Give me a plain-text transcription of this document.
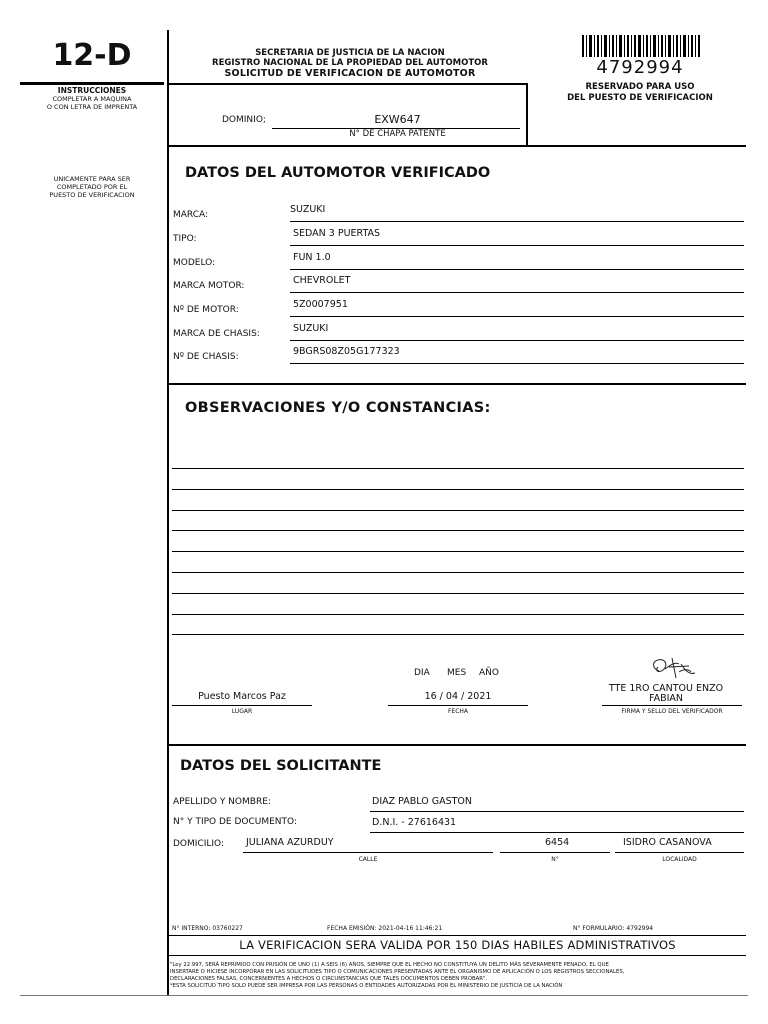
12-D
INSTRUCCIONES
COMPLETAR A MAQUINA
O CON LETRA DE IMPRENTA
UNICAMENTE PARA SER
COMPLETADO POR EL
PUESTO DE VERIFICACION
SECRETARIA DE JUSTICIA DE LA NACION
REGISTRO NACIONAL DE LA PROPIEDAD DEL AUTOMOTOR
SOLICITUD DE VERIFICACION DE AUTOMOTOR
DOMINIO;	EXW647
N° DE CHAPA PATENTE
4792994
RESERVADO PARA USO
DEL PUESTO DE VERIFICACION
DATOS DEL AUTOMOTOR VERIFICADO
MARCA:	SUZUKI
TIPO:	SEDAN 3 PUERTAS
MODELO:	FUN 1.0
MARCA MOTOR:	CHEVROLET
Nº DE MOTOR:	5Z0007951
MARCA DE CHASIS:	SUZUKI
Nº DE CHASIS:	9BGRS08Z05G177323
OBSERVACIONES Y/O CONSTANCIAS:
Puesto Marcos Paz
LUGAR
DIA MES AÑO
16 / 04 / 2021
FECHA
TTE 1RO CANTOU ENZO
FABIAN
FIRMA Y SELLO DEL VERIFICADOR
DATOS DEL SOLICITANTE
APELLIDO Y NOMBRE:	DIAZ PABLO GASTON
N° Y TIPO DE DOCUMENTO:	D.N.I. - 27616431
DOMICILIO: JULIANA AZURDUY	6454	ISIDRO CASANOVA
CALLE	N°	LOCALIDAD
N° INTERNO: 03760227	FECHA EMISIÓN: 2021-04-16 11:46:21	N° FORMULARIO: 4792994
LA VERIFICACION SERA VALIDA POR 150 DIAS HABILES ADMINISTRATIVOS
"Ley 22.997, SERÁ REPRIMIDO CON PRISIÓN DE UNO (1) A SEIS (6) AÑOS, SIEMPRE QUE EL HECHO NO CONSTITUYA UN DELITO MÁS SEVERAMENTE PENADO, EL QUE
INSERTARE O HICIESE INCORPORAR EN LAS SOLICITUDES TIPO O COMUNICACIONES PRESENTADAS ANTE EL ORGANISMO DE APLICACIÓN O LOS REGISTROS SECCIONALES,
DECLARACIONES FALSAS, CONCERNIENTES A HECHOS O CIRCUNSTANCIAS QUE TALES DOCUMENTOS DEBEN PROBAR".
*ESTA SOLICITUD TIPO SOLO PUEDE SER IMPRESA POR LAS PERSONAS O ENTIDADES AUTORIZADAS POR EL MINISTERIO DE JUSTICIA DE LA NACIÓN
